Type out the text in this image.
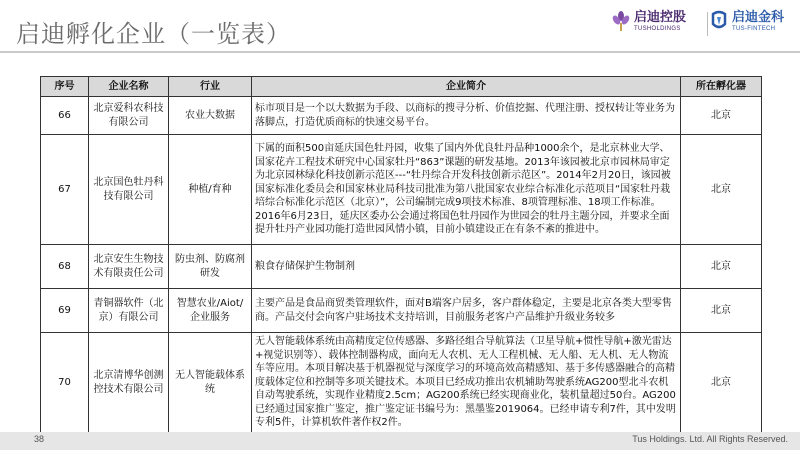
启迪孵化企业（一览表）
启迪控股
TUSHOLDINGS
启迪金科
TUS-FINTECH
序号	企业名称	行业	企业简介	所在孵化器
66	北京爱科农科技有限公司	农业大数据	标市项目是一个以大数据为手段、以商标的搜寻分析、价值挖掘、代理注册、授权转让等业务为落脚点，打造优质商标的快速交易平台。	北京
67	北京国色牡丹科技有限公司	种植/育种	下属的面积500亩延庆国色牡丹园，收集了国内外优良牡丹品种1000余个，是北京林业大学、国家花卉工程技术研究中心国家牡丹“863”课题的研发基地。2013年该园被北京市园林局审定为北京园林绿化科技创新示范区---“牡丹综合开发科技创新示范区”。2014年2月20日，该园被国家标准化委员会和国家林业局科技司批准为第八批国家农业综合标准化示范项目“国家牡丹栽培综合标准化示范区（北京）”，公司编制完成9项技术标准、8项管理标准、18项工作标准。2016年6月23日，延庆区委办公会通过将国色牡丹园作为世园会的牡丹主题分园，并要求全面提升牡丹产业园功能打造世园风情小镇，目前小镇建设正在有条不紊的推进中。	北京
68	北京安生生物技术有限责任公司	防虫剂、防腐剂研发	粮食存储保护生物制剂	北京
69	青铜器软件（北京）有限公司	智慧农业/Aiot/企业服务	主要产品是食品商贸类管理软件，面对B端客户居多，客户群体稳定，主要是北京各类大型零售商。产品交付会向客户驻场技术支持培训，目前服务老客户产品维护升级业务较多	北京
70	北京清博华创测控技术有限公司	无人智能载体系统	无人智能载体系统由高精度定位传感器、多路径组合导航算法（卫星导航+惯性导航+激光雷达+视觉识别等）、载体控制器构成，面向无人农机、无人工程机械、无人船、无人机、无人物流车等应用。本项目解决基于机器视觉与深度学习的环境高效高精感知、基于多传感器融合的高精度载体定位和控制等多项关键技术。本项目已经成功推出农机辅助驾驶系统AG200型北斗农机自动驾驶系统，实现作业精度2.5cm；AG200系统已经实现商业化，装机量超过50台。AG200已经通过国家推广鉴定，推广鉴定证书编号为：黑墨鉴2019064。已经申请专利7件，其中发明专利5件，计算机软件著作权2件。	北京
38	Tus Holdings. Ltd. All Rights Reserved.
